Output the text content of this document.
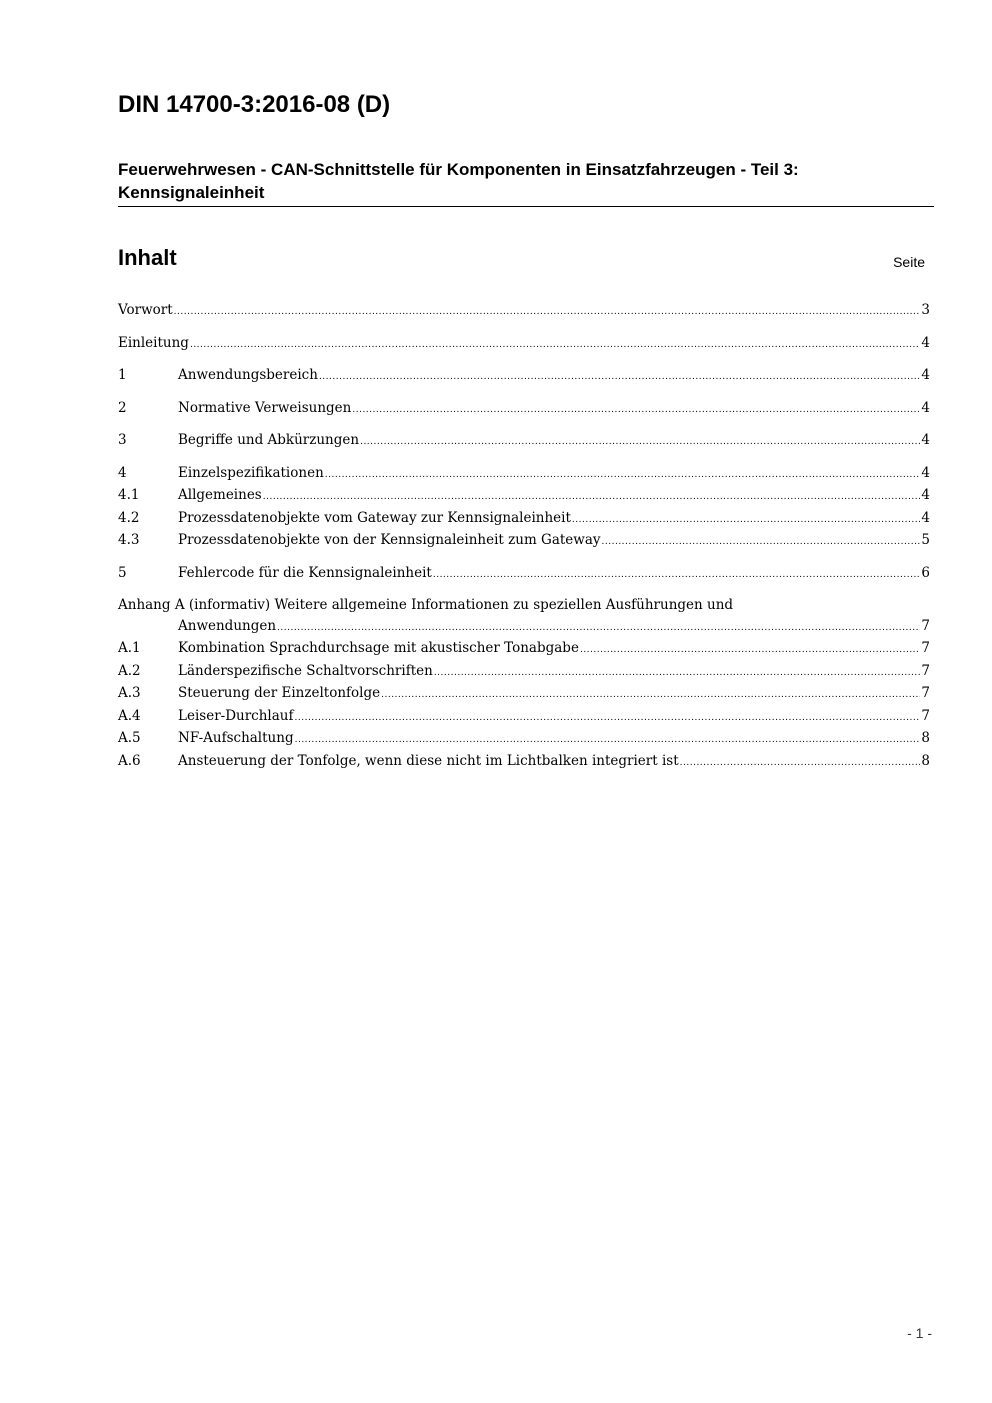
DIN 14700-3:2016-08 (D)
Feuerwehrwesen - CAN-Schnittstelle für Komponenten in Einsatzfahrzeugen - Teil 3: Kennsignaleinheit
Inhalt	Seite
Vorwort .....	3
Einleitung .....	4
1	Anwendungsbereich .....	4
2	Normative Verweisungen .....	4
3	Begriffe und Abkürzungen .....	4
4	Einzelspezifikationen .....	4
4.1	Allgemeines .....	4
4.2	Prozessdatenobjekte vom Gateway zur Kennsignaleinheit .....	4
4.3	Prozessdatenobjekte von der Kennsignaleinheit zum Gateway .....	5
5	Fehlercode für die Kennsignaleinheit .....	6
Anhang A (informativ) Weitere allgemeine Informationen zu speziellen Ausführungen und
Anwendungen .....	7
A.1	Kombination Sprachdurchsage mit akustischer Tonabgabe .....	7
A.2	Länderspezifische Schaltvorschriften .....	7
A.3	Steuerung der Einzeltonfolge .....	7
A.4	Leiser-Durchlauf .....	7
A.5	NF-Aufschaltung .....	8
A.6	Ansteuerung der Tonfolge, wenn diese nicht im Lichtbalken integriert ist .....	8
- 1 -
